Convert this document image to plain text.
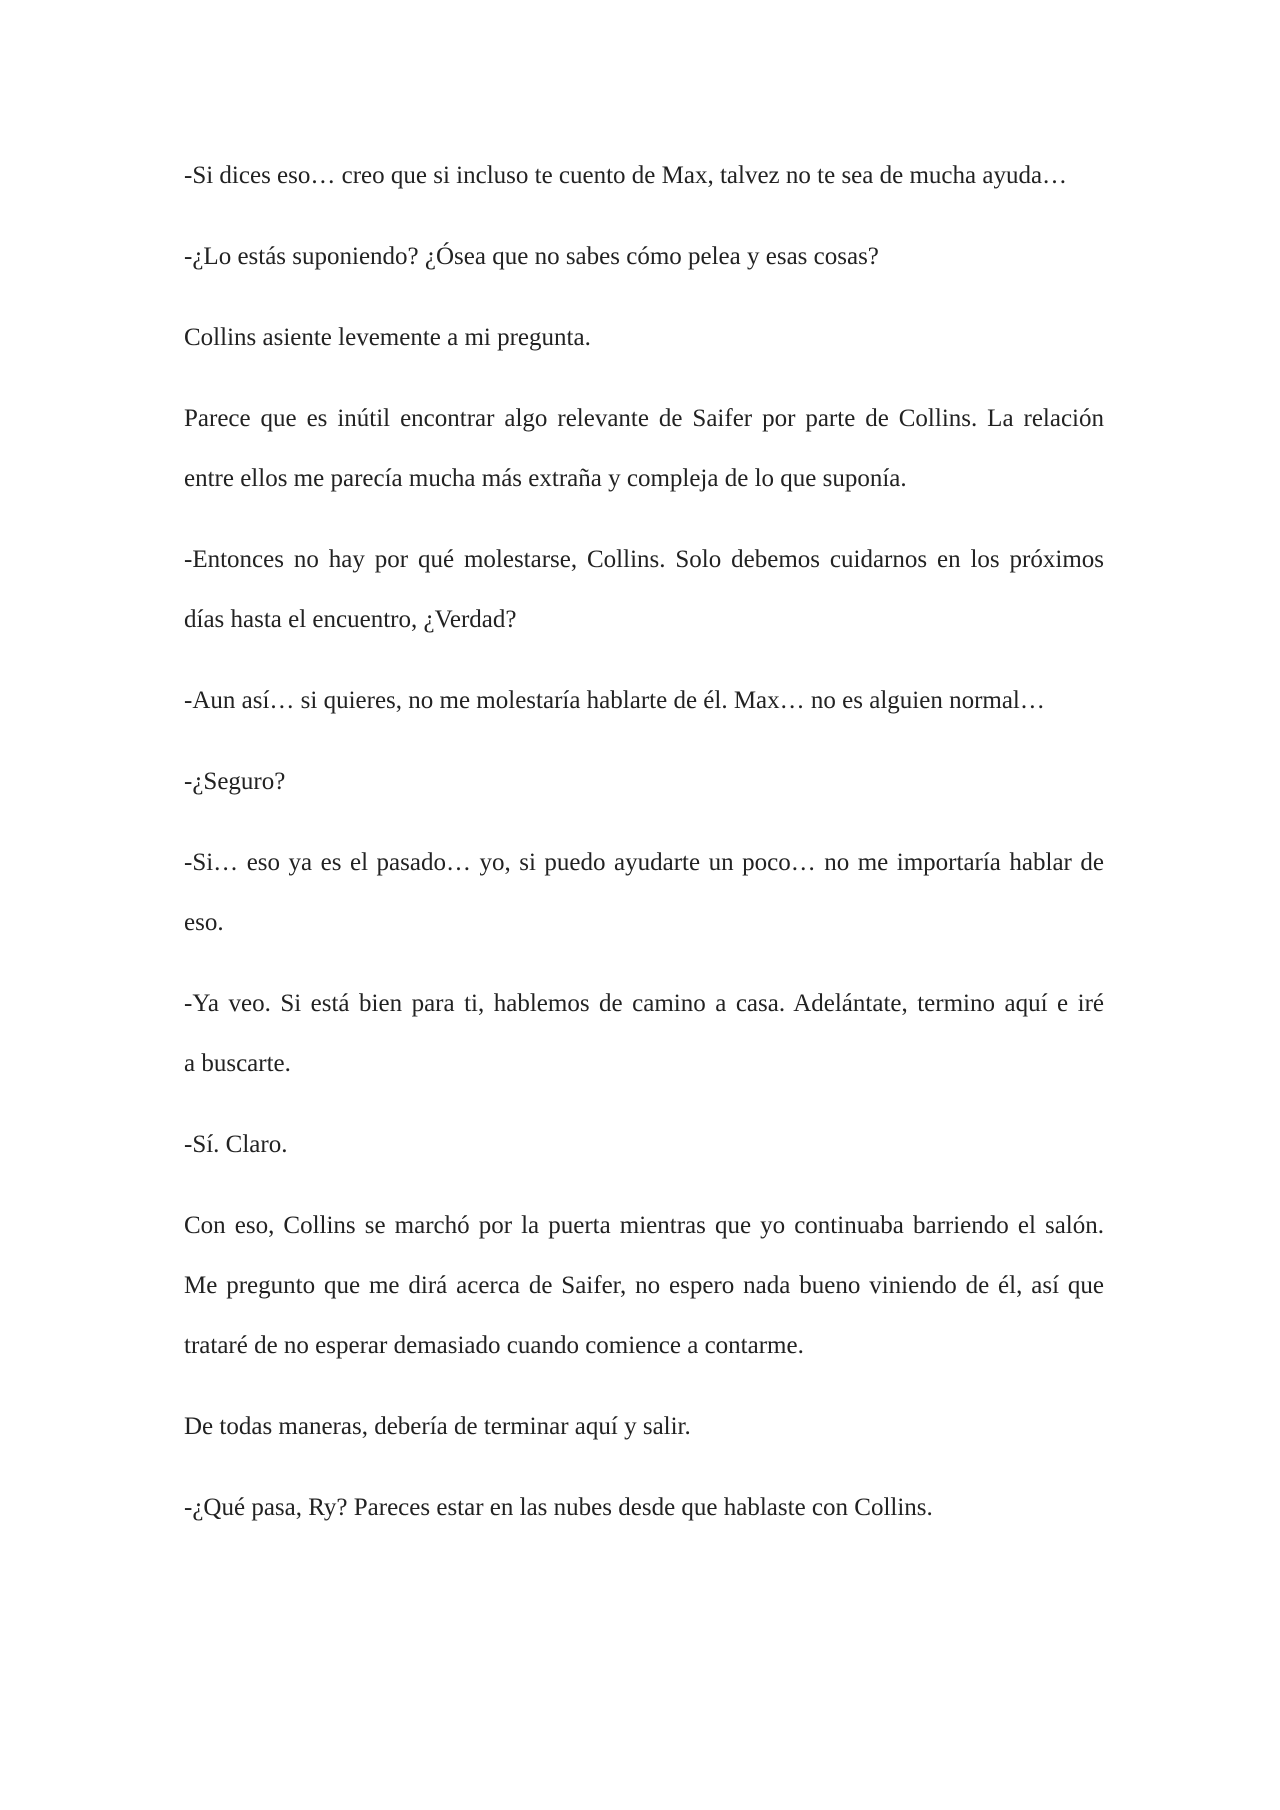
-Si dices eso… creo que si incluso te cuento de Max, talvez no te sea de mucha ayuda…

-¿Lo estás suponiendo? ¿Ósea que no sabes cómo pelea y esas cosas?

Collins asiente levemente a mi pregunta.

Parece que es inútil encontrar algo relevante de Saifer por parte de Collins. La relación
entre ellos me parecía mucha más extraña y compleja de lo que suponía.

-Entonces no hay por qué molestarse, Collins. Solo debemos cuidarnos en los próximos
días hasta el encuentro, ¿Verdad?

-Aun así… si quieres, no me molestaría hablarte de él. Max… no es alguien normal…

-¿Seguro?

-Si… eso ya es el pasado… yo, si puedo ayudarte un poco… no me importaría hablar de
eso.

-Ya veo. Si está bien para ti, hablemos de camino a casa. Adelántate, termino aquí e iré
a buscarte.

-Sí. Claro.

Con eso, Collins se marchó por la puerta mientras que yo continuaba barriendo el salón.
Me pregunto que me dirá acerca de Saifer, no espero nada bueno viniendo de él, así que
trataré de no esperar demasiado cuando comience a contarme.

De todas maneras, debería de terminar aquí y salir.

-¿Qué pasa, Ry? Pareces estar en las nubes desde que hablaste con Collins.
